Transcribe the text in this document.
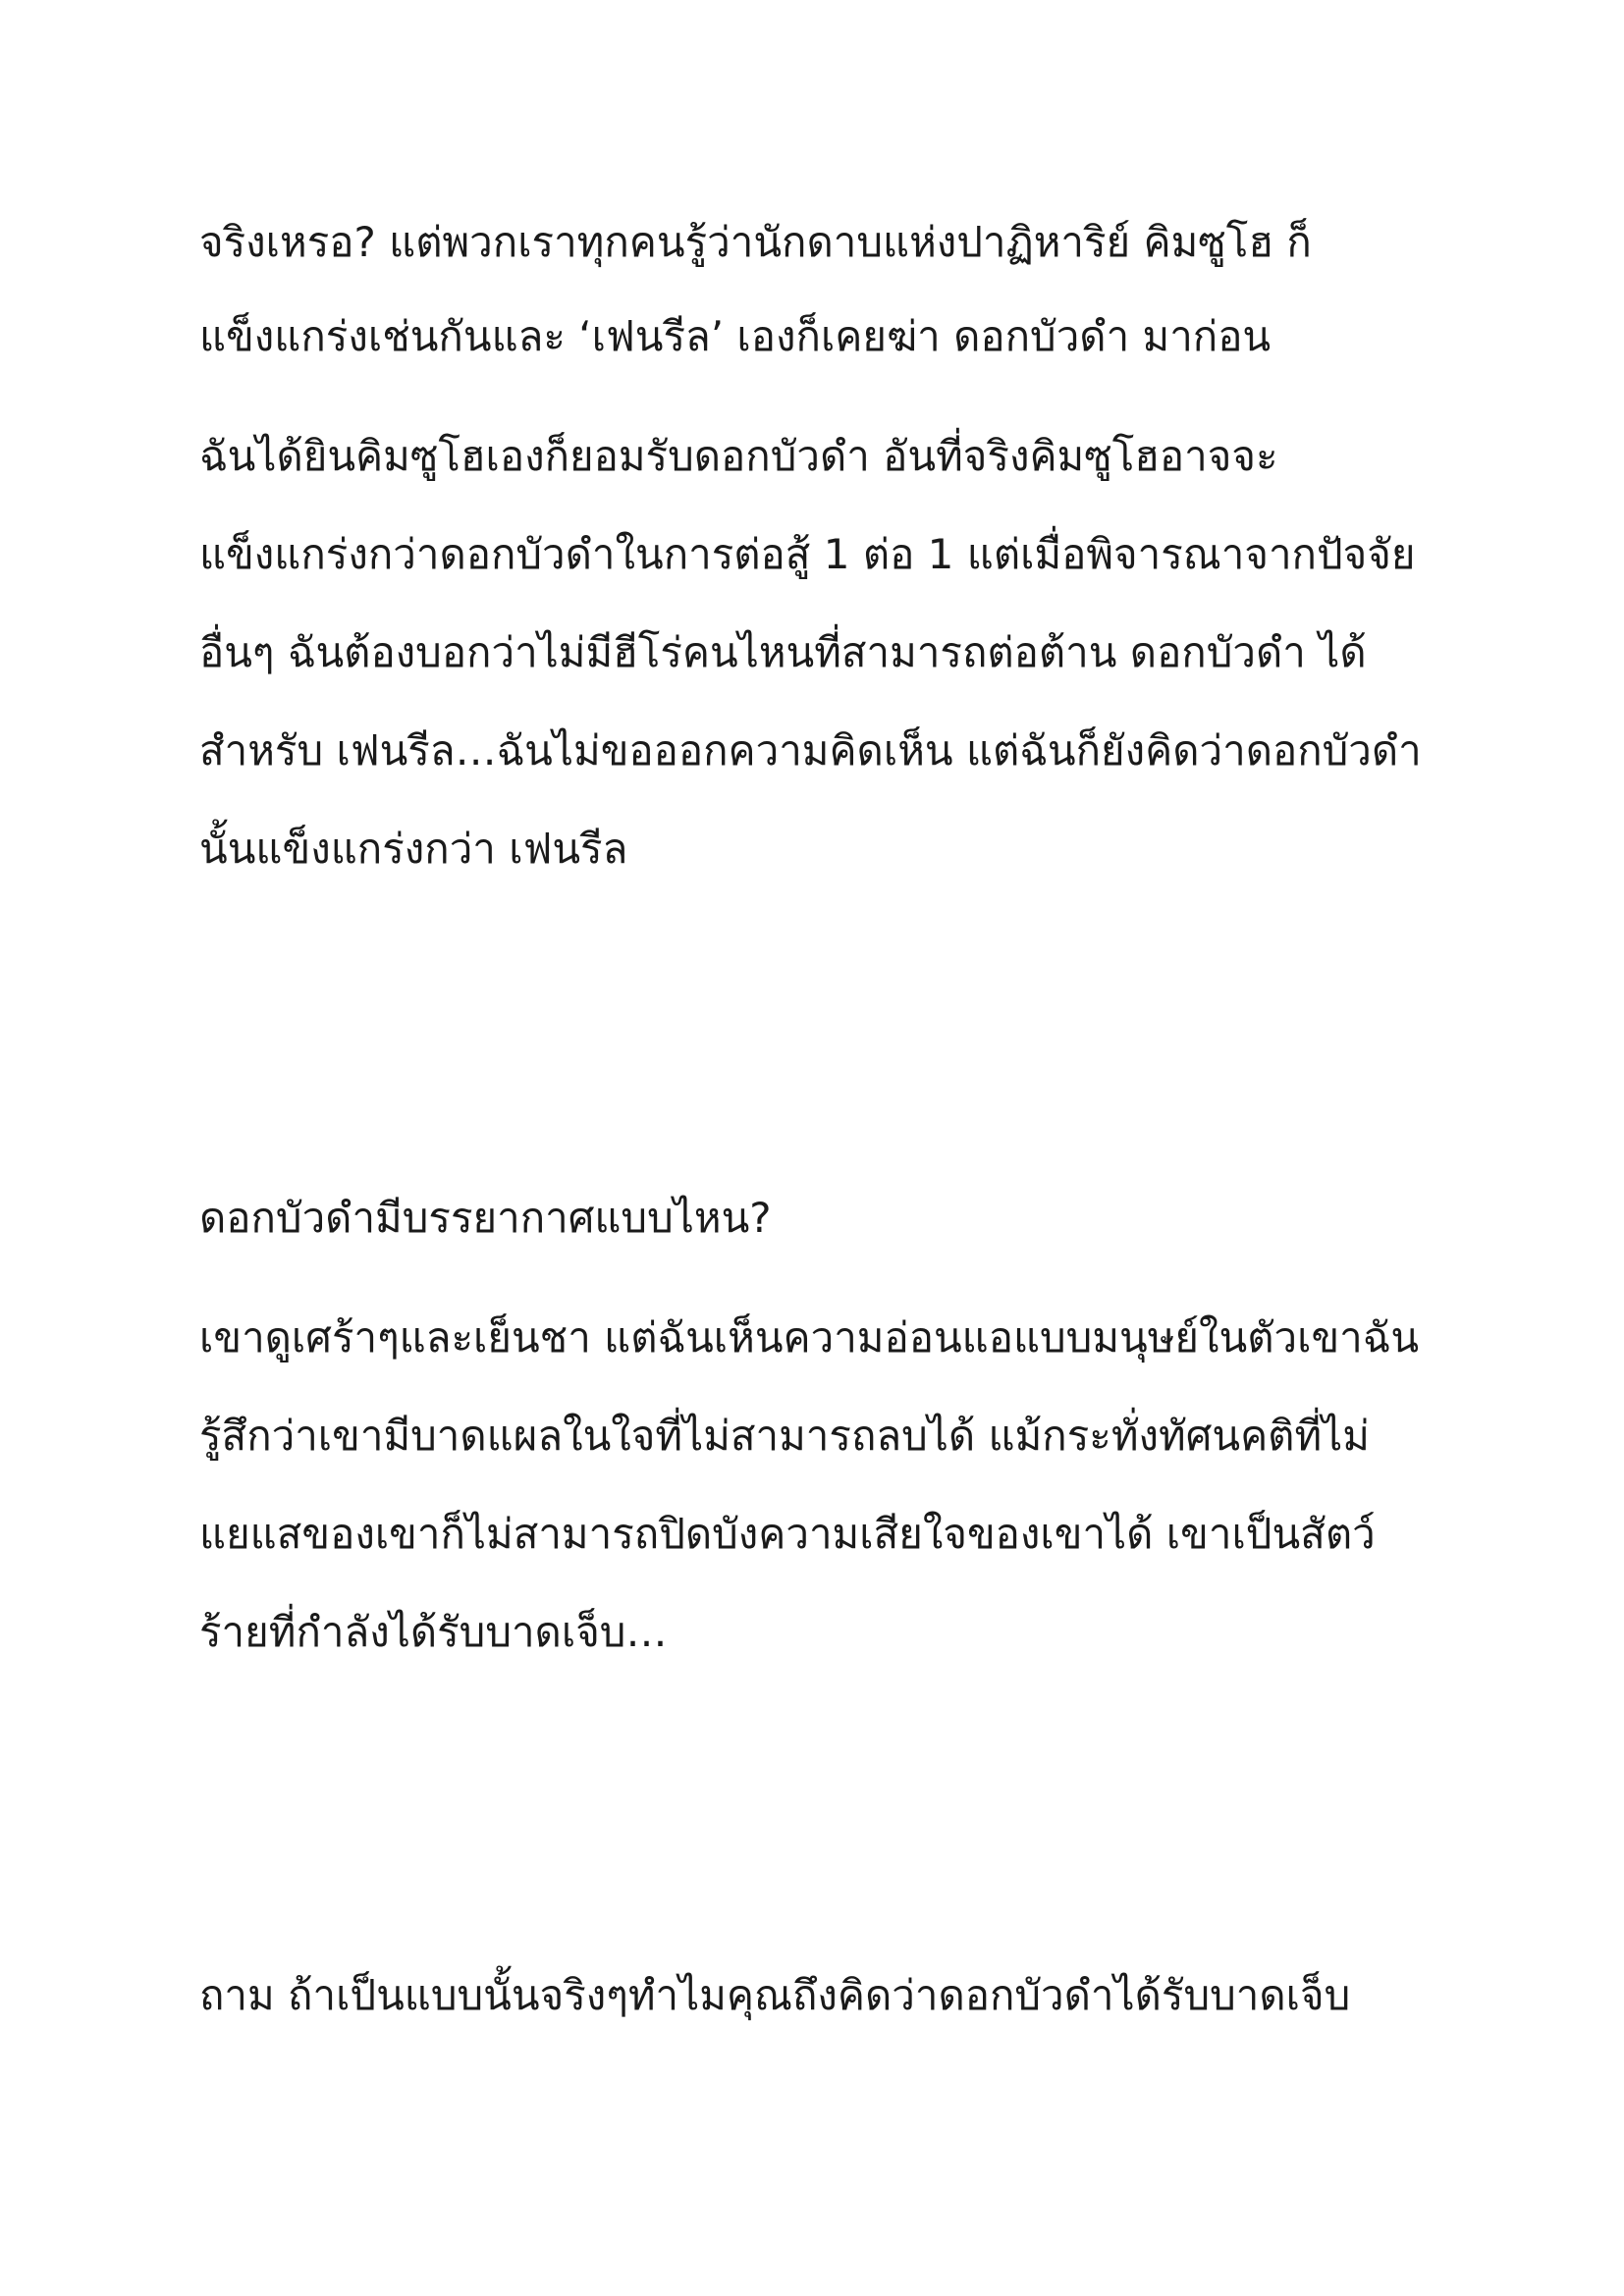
จริงเหรอ? แต่พวกเราทุกคนรู้ว่านักดาบแห่งปาฏิหาริย์ คิมซูโฮ ก็

แข็งแกร่งเช่นกันและ ‘เฟนรีล’ เองก็เคยฆ่า ดอกบัวดำ มาก่อน

ฉันได้ยินคิมซูโฮเองก็ยอมรับดอกบัวดำ อันที่จริงคิมซูโฮอาจจะ

แข็งแกร่งกว่าดอกบัวดำในการต่อสู้ 1 ต่อ 1 แต่เมื่อพิจารณาจากปัจจัย

อื่นๆ ฉันต้องบอกว่าไม่มีฮีโร่คนไหนที่สามารถต่อต้าน ดอกบัวดำ ได้

สำหรับ เฟนรีล…ฉันไม่ขอออกความคิดเห็น แต่ฉันก็ยังคิดว่าดอกบัวดำ

นั้นแข็งแกร่งกว่า เฟนรีล

ดอกบัวดำมีบรรยากาศแบบไหน?

เขาดูเศร้าๆและเย็นชา แต่ฉันเห็นความอ่อนแอแบบมนุษย์ในตัวเขาฉัน

รู้สึกว่าเขามีบาดแผลในใจที่ไม่สามารถลบได้ แม้กระทั่งทัศนคติที่ไม่

แยแสของเขาก็ไม่สามารถปิดบังความเสียใจของเขาได้ เขาเป็นสัตว์

ร้ายที่กำลังได้รับบาดเจ็บ…

ถาม ถ้าเป็นแบบนั้นจริงๆทำไมคุณถึงคิดว่าดอกบัวดำได้รับบาดเจ็บ
